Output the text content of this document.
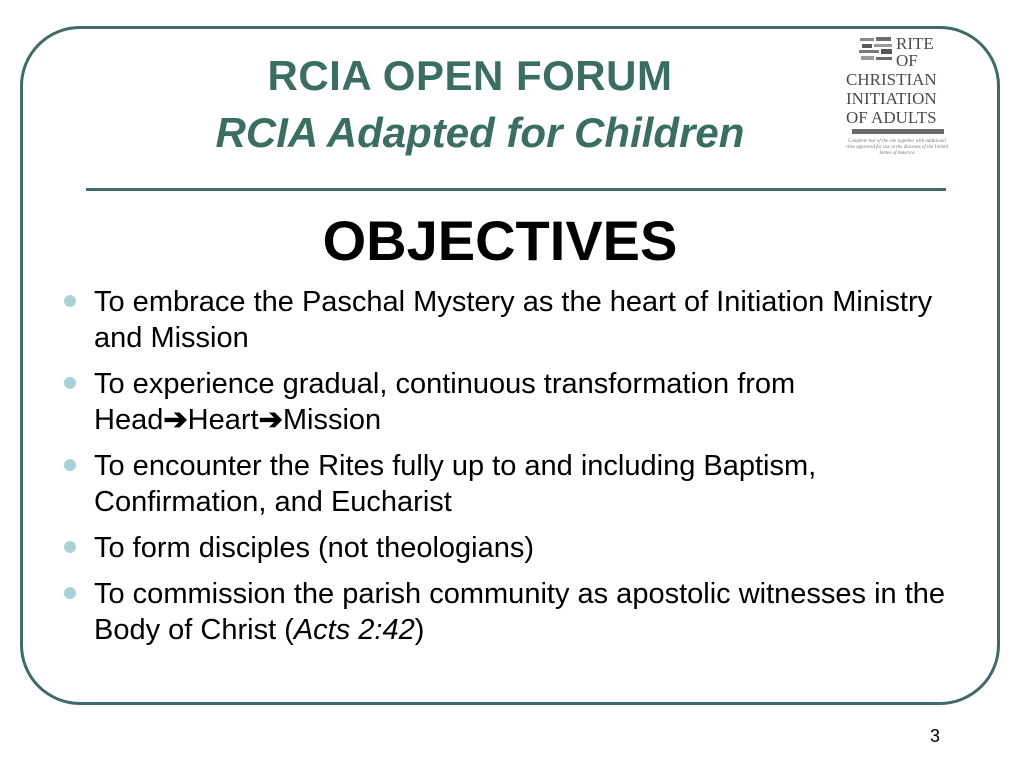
RCIA OPEN FORUM
RCIA Adapted for Children
RITE
OF
CHRISTIAN
INITIATION
OF ADULTS
Complete text of the rite together with additional rites approved for use in the dioceses of the United States of America
OBJECTIVES
To embrace the Paschal Mystery as the heart of Initiation Ministry and Mission
To experience gradual, continuous transformation from Head➔Heart➔Mission
To encounter the Rites fully up to and including Baptism, Confirmation, and Eucharist
To form disciples (not theologians)
To commission the parish community as apostolic witnesses in the Body of Christ (Acts 2:42)
3
